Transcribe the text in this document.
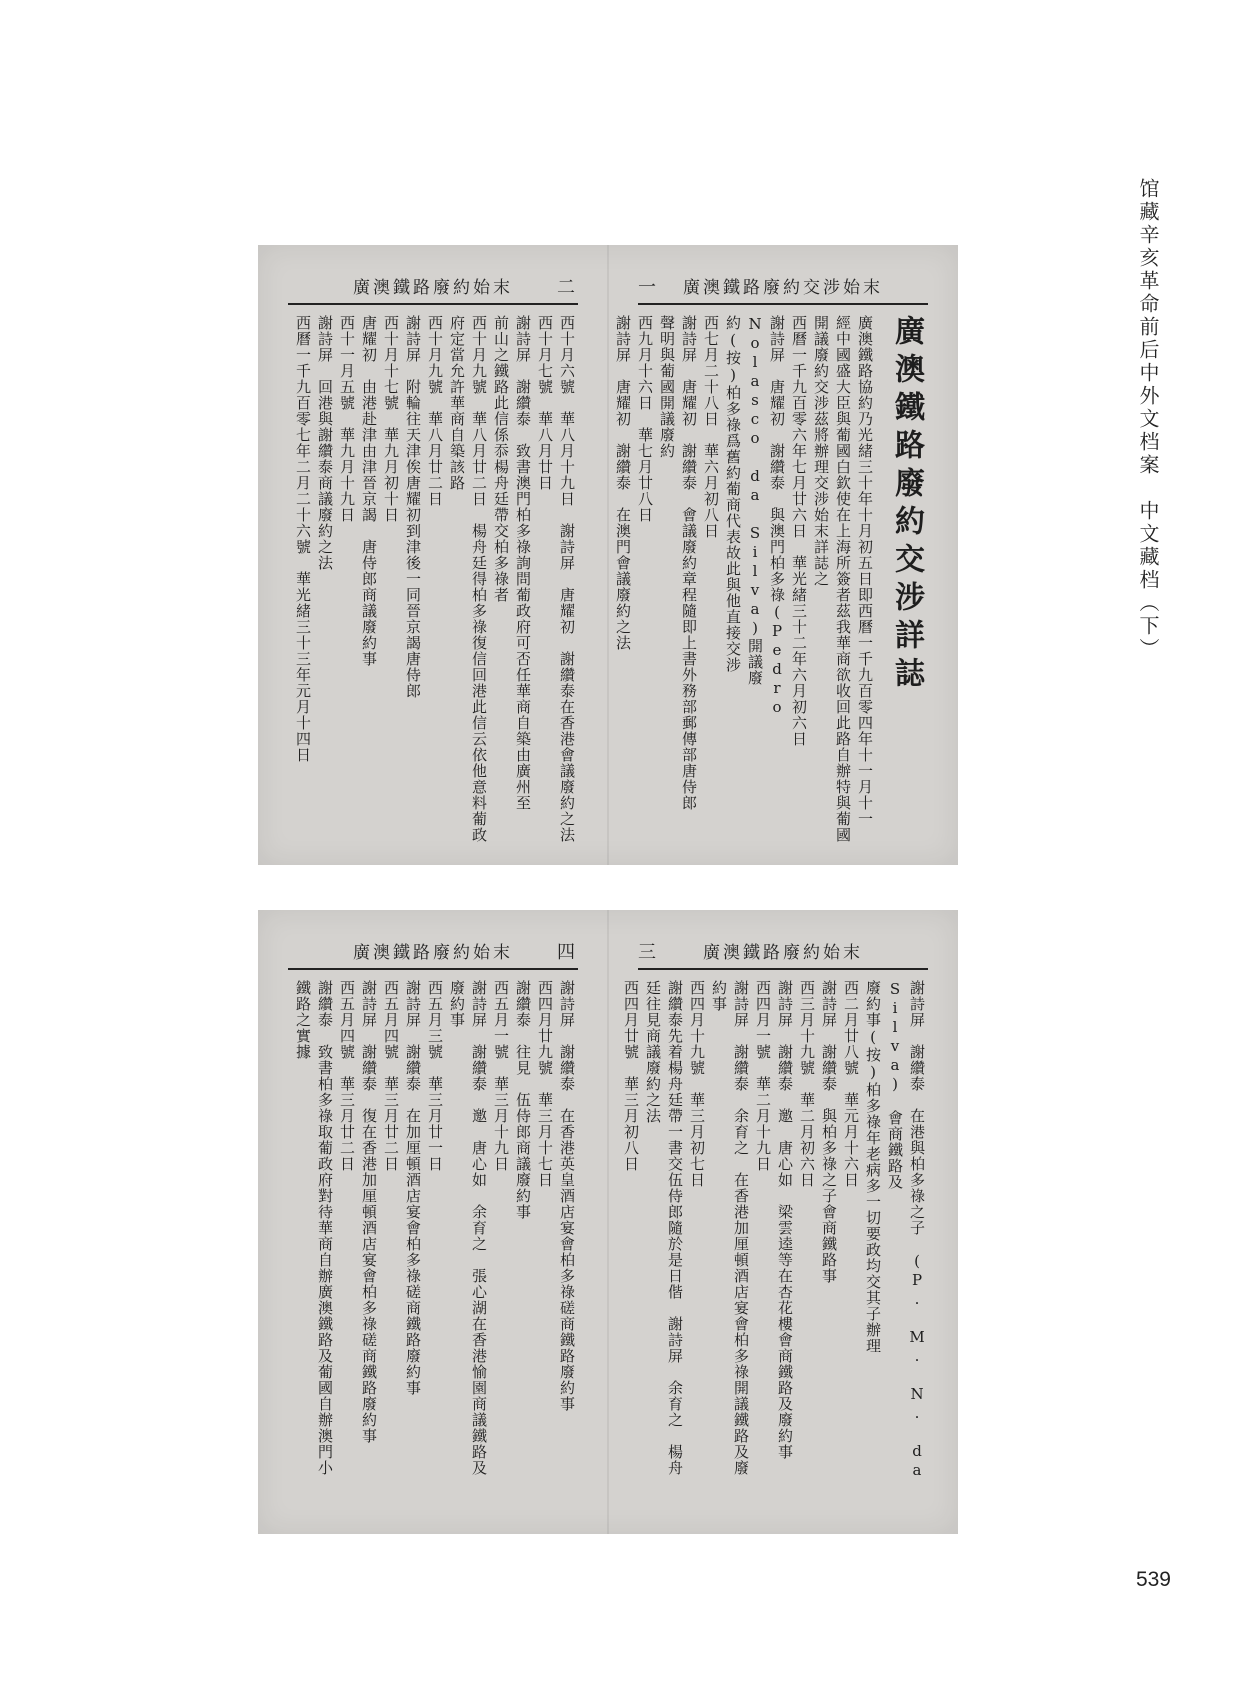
馆藏辛亥革命前后中外文档案　中文藏档（下）
廣澳鐵路廢約始末 二
西十月六號　華八月十九日　謝詩屏　唐耀初　謝纘泰在香港會議廢約之法
西十月七號　華八月廿日
謝詩屏　謝纘泰　致書澳門柏多祿詢問葡政府可否任華商自築由廣州至
前山之鐵路此信係忝楊舟廷帶交柏多祿者
西十月九號　華八月廿二日　楊舟廷得柏多祿復信回港此信云依他意料葡政
府定當允許華商自築該路
西十月九號　華八月廿二日
謝詩屏　附輪往天津俟唐耀初到津後一同晉京謁唐侍郎
西十月十七號　華九月初十日
唐耀初　由港赴津由津晉京謁　唐侍郎商議廢約事
西十一月五號　華九月十九日
謝詩屏　回港與謝纘泰商議廢約之法
西曆一千九百零七年二月二十六號　華光緒三十三年元月十四日
一 廣澳鐵路廢約交涉始末
廣澳鐵路廢約交涉詳誌
廣澳鐵路協約乃光緒三十年十月初五日即西曆一千九百零四年十一月十一
經中國盛大臣與葡國白欽使在上海所簽者茲我華商欲收回此路自辦特與葡國
開議廢約交涉茲將辦理交涉始末詳誌之
西曆一千九百零六年七月廿六日　華光緒三十二年六月初六日
謝詩屏　唐耀初　謝纘泰　與澳門柏多祿(Pedro Nolasco da Silva)開議廢
約(按)柏多祿爲舊約葡商代表故此與他直接交涉
西七月二十八日　華六月初八日
謝詩屏　唐耀初　謝纘泰　會議廢約章程隨即上書外務部郵傳部唐侍郎
聲明與葡國開議廢約
西九月十六日　華七月廿八日
謝詩屏　唐耀初　謝纘泰　在澳門會議廢約之法
廣澳鐵路廢約始末 四
謝詩屏　謝纘泰　在香港英皇酒店宴會柏多祿磋商鐵路廢約事
西四月廿九號　華三月十七日
謝纘泰　往見　伍侍郎商議廢約事
西五月一號　華三月十九日
謝詩屏　謝纘泰　邀　唐心如　余育之　張心湖在香港愉園商議鐵路及
廢約事
西五月三號　華三月廿一日
謝詩屏　謝纘泰　在加厘頓酒店宴會柏多祿磋商鐵路廢約事
西五月四號　華三月廿二日
謝詩屏　謝纘泰　復在香港加厘頓酒店宴會柏多祿磋商鐵路廢約事
西五月四號　華三月廿二日
謝纘泰　致書柏多祿取葡政府對待華商自辦廣澳鐵路及葡國自辦澳門小
鐵路之實據
三	廣澳鐵路廢約始末
謝詩屏　謝纘泰　在港與柏多祿之子　(P. M. N. da Silva)　會商鐵路及
廢約事(按)柏多祿年老病多一切要政均交其子辦理
西二月廿八號　華元月十六日
謝詩屏　謝纘泰　與柏多祿之子會商鐵路事
西三月十九號　華二月初六日
謝詩屏　謝纘泰　邀　唐心如　梁雲逵等在杏花樓會商鐵路及廢約事
西四月一號　華二月十九日
謝詩屏　謝纘泰　余育之　在香港加厘頓酒店宴會柏多祿開議鐵路及廢
約事
西四月十九號　華三月初七日
謝纘泰先着楊舟廷帶一書交伍侍郎隨於是日偕　謝詩屏　余育之　楊舟
廷往見商議廢約之法
西四月廿號　華三月初八日
539
